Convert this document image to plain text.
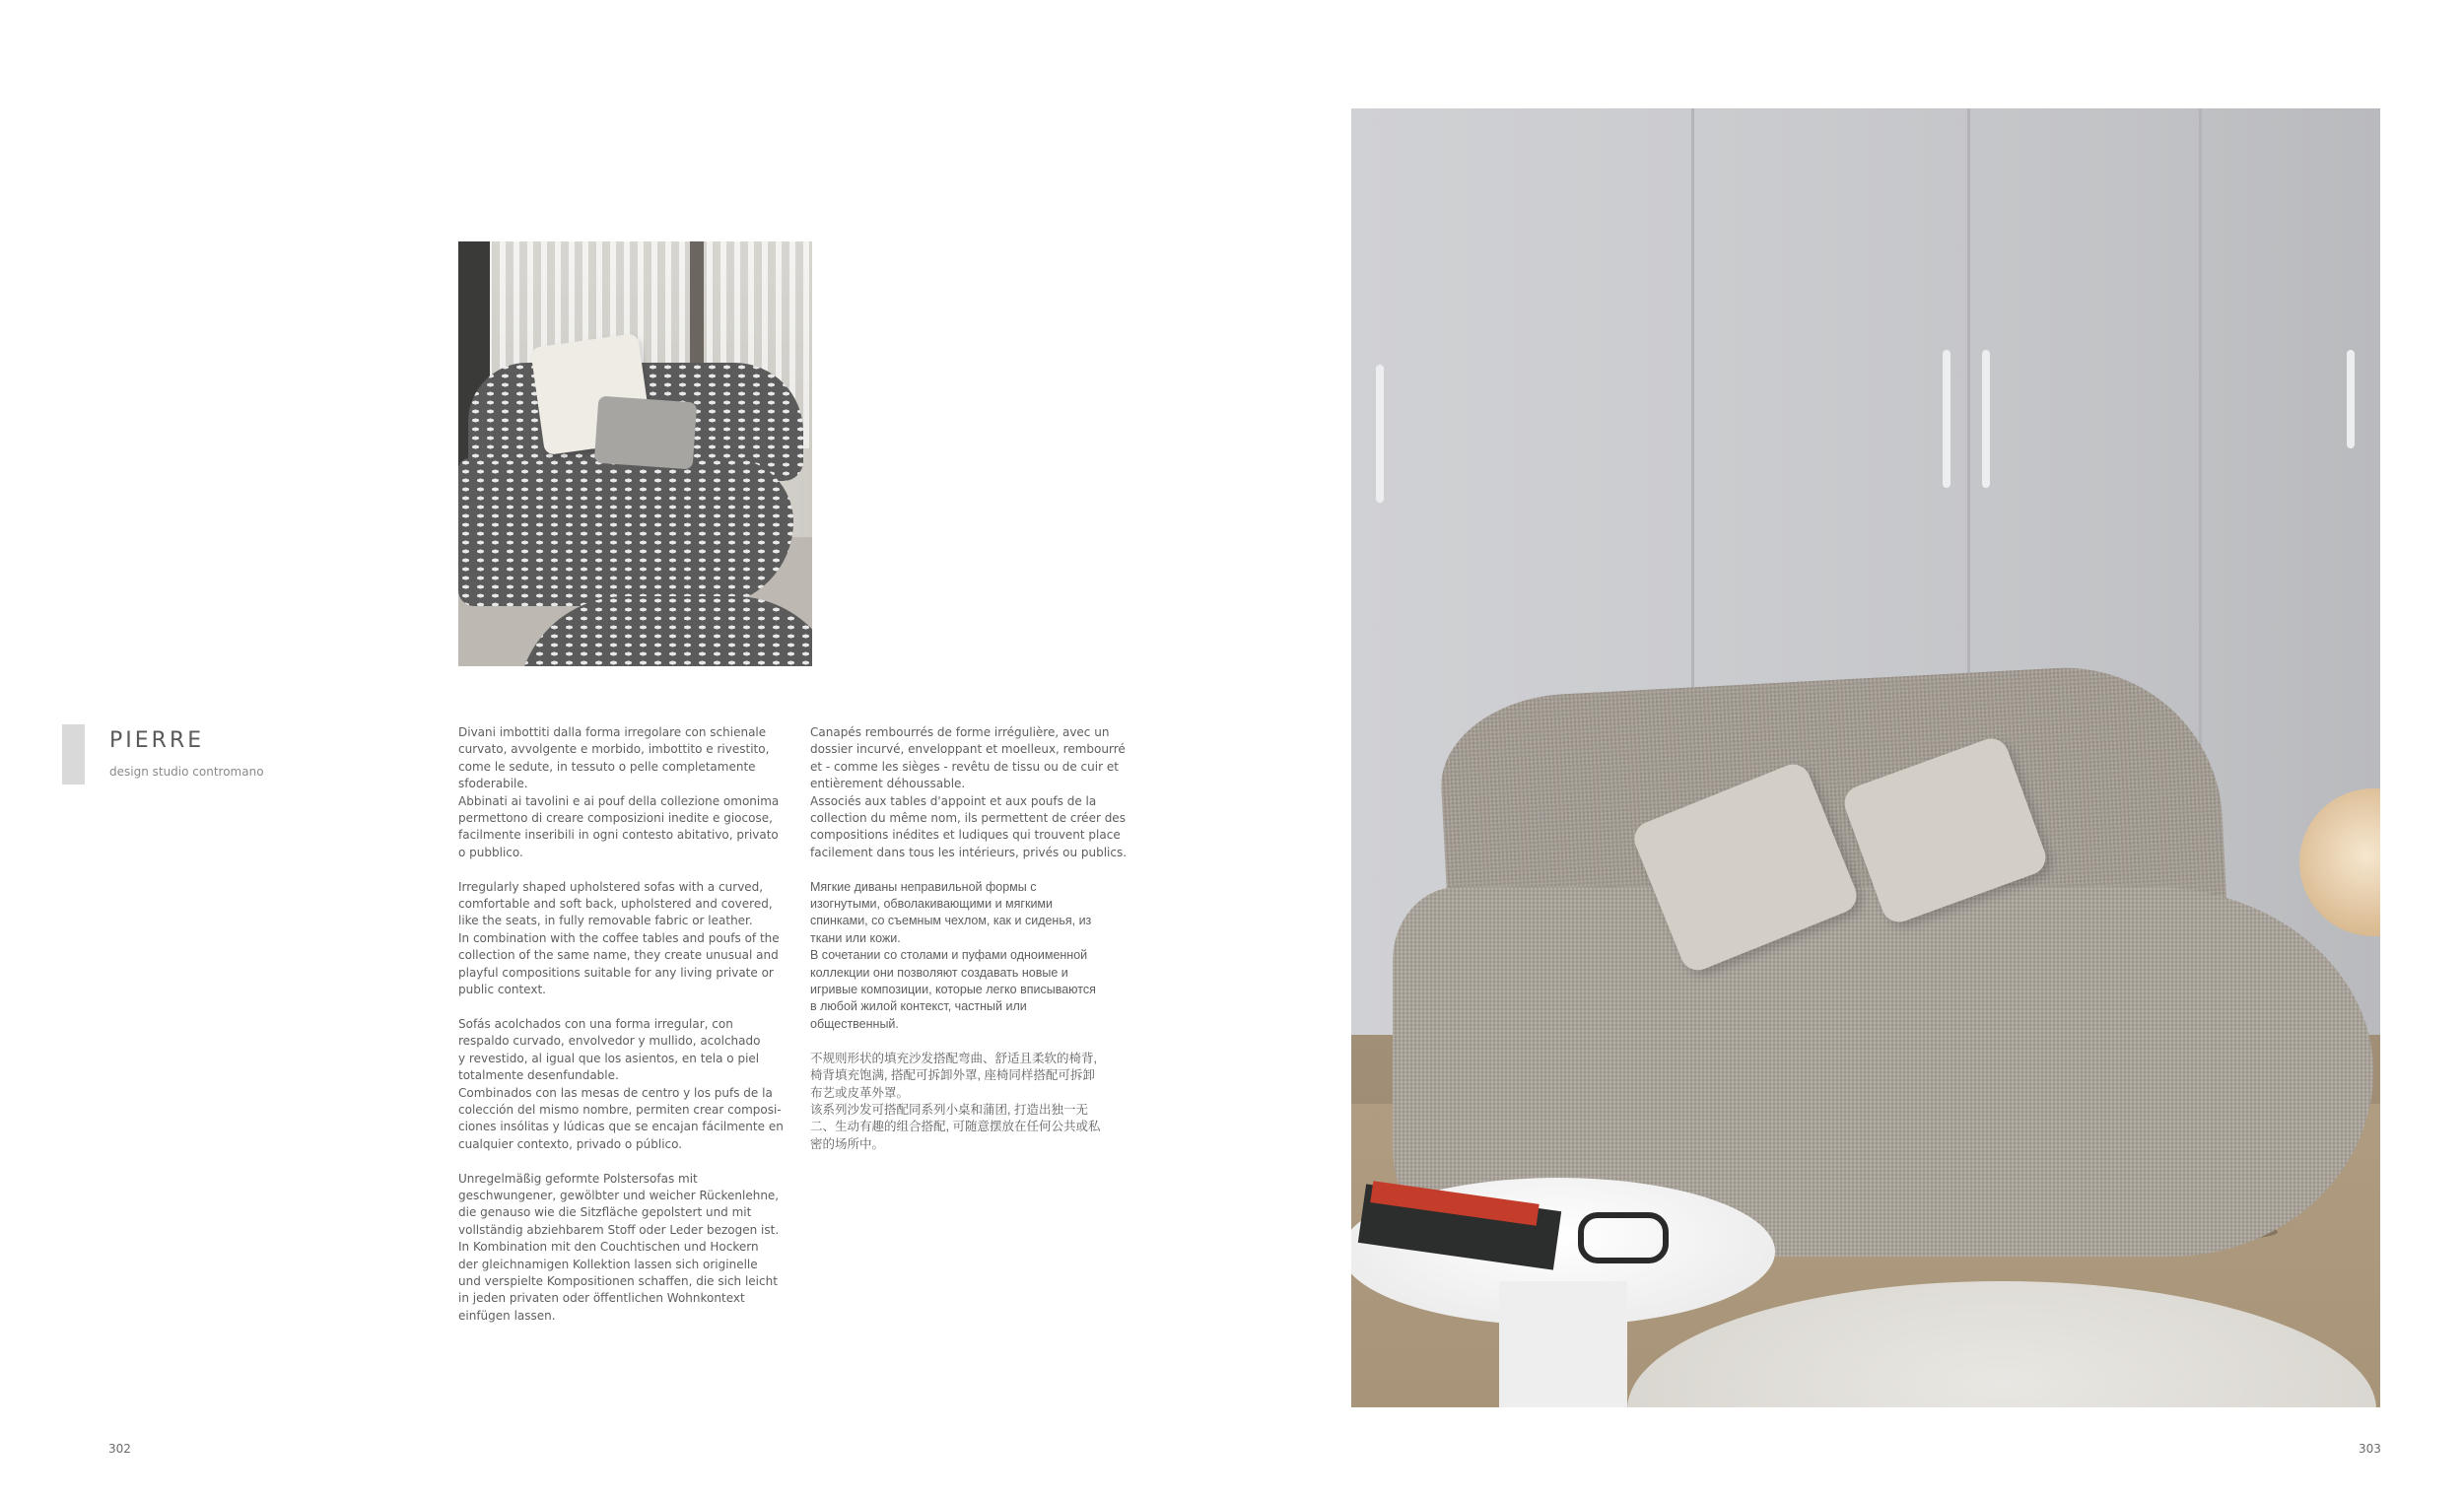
PIERRE
design studio contromano

Divani imbottiti dalla forma irregolare con schienale
curvato, avvolgente e morbido, imbottito e rivestito,
come le sedute, in tessuto o pelle completamente
sfoderabile.
Abbinati ai tavolini e ai pouf della collezione omonima
permettono di creare composizioni inedite e giocose,
facilmente inseribili in ogni contesto abitativo, privato
o pubblico.

Irregularly shaped upholstered sofas with a curved,
comfortable and soft back, upholstered and covered,
like the seats, in fully removable fabric or leather.
In combination with the coffee tables and poufs of the
collection of the same name, they create unusual and
playful compositions suitable for any living private or
public context.

Sofás acolchados con una forma irregular, con
respaldo curvado, envolvedor y mullido, acolchado
y revestido, al igual que los asientos, en tela o piel
totalmente desenfundable.
Combinados con las mesas de centro y los pufs de la
colección del mismo nombre, permiten crear composi-
ciones insólitas y lúdicas que se encajan fácilmente en
cualquier contexto, privado o público.

Unregelmäßig geformte Polstersofas mit
geschwungener, gewölbter und weicher Rückenlehne,
die genauso wie die Sitzfläche gepolstert und mit
vollständig abziehbarem Stoff oder Leder bezogen ist.
In Kombination mit den Couchtischen und Hockern
der gleichnamigen Kollektion lassen sich originelle
und verspielte Kompositionen schaffen, die sich leicht
in jeden privaten oder öffentlichen Wohnkontext
einfügen lassen.

Canapés rembourrés de forme irrégulière, avec un
dossier incurvé, enveloppant et moelleux, rembourré
et - comme les sièges - revêtu de tissu ou de cuir et
entièrement déhoussable.
Associés aux tables d'appoint et aux poufs de la
collection du même nom, ils permettent de créer des
compositions inédites et ludiques qui trouvent place
facilement dans tous les intérieurs, privés ou publics.

Мягкие диваны неправильной формы с
изогнутыми, обволакивающими и мягкими
спинками, со съемным чехлом, как и сиденья, из
ткани или кожи.
В сочетании со столами и пуфами одноименной
коллекции они позволяют создавать новые и
игривые композиции, которые легко вписываются
в любой жилой контекст, частный или
общественный.

不规则形状的填充沙发搭配弯曲、舒适且柔软的椅背,
椅背填充饱满, 搭配可拆卸外罩, 座椅同样搭配可拆卸
布艺或皮革外罩。
该系列沙发可搭配同系列小桌和蒲团, 打造出独一无
二、生动有趣的组合搭配, 可随意摆放在任何公共或私
密的场所中。

302	303
